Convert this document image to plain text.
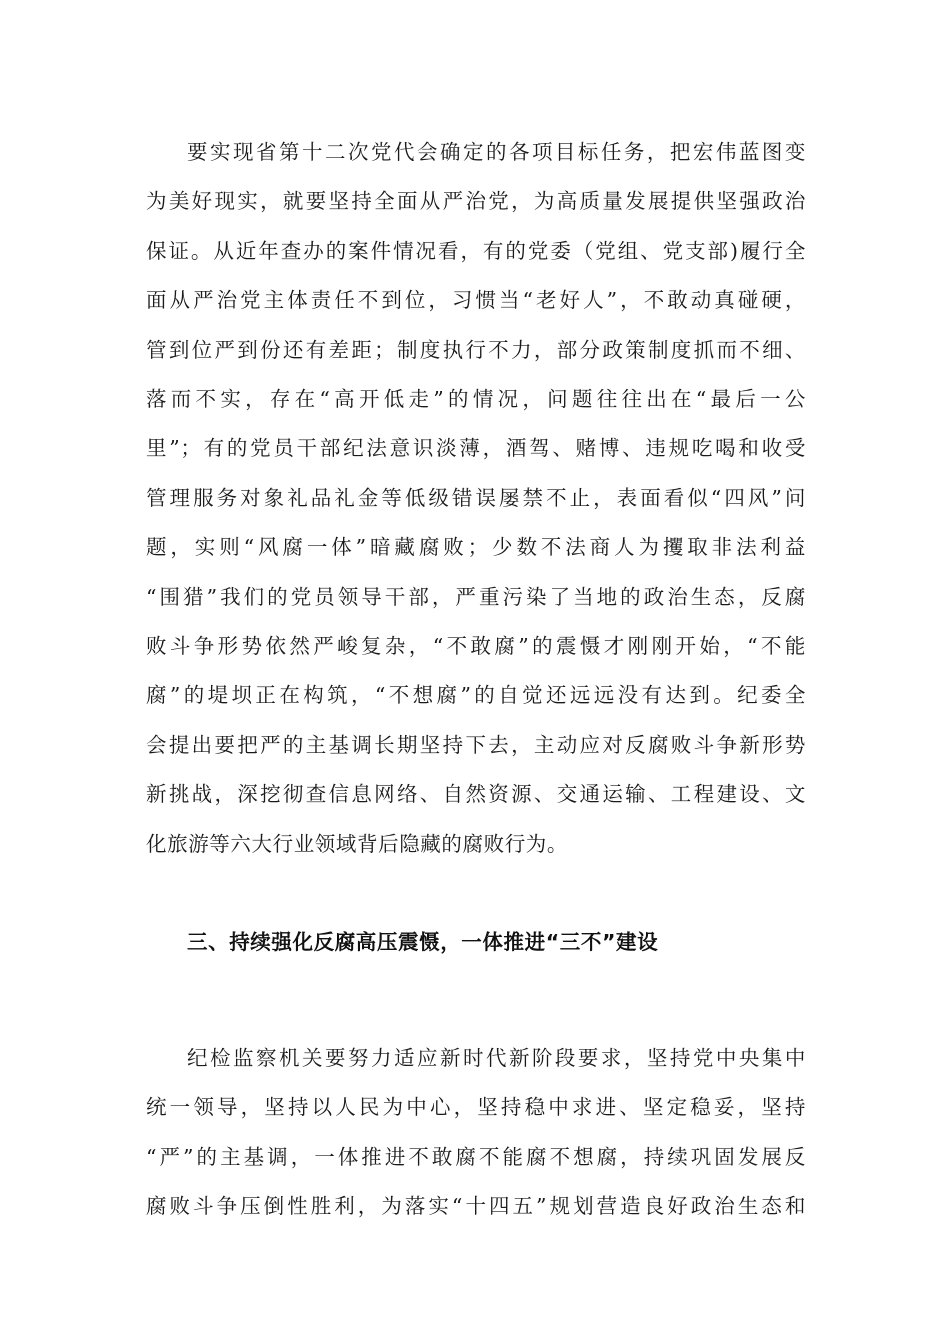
要实现省第十二次党代会确定的各项目标任务，把宏伟蓝图变
为美好现实，就要坚持全面从严治党，为高质量发展提供坚强政治
保证。从近年查办的案件情况看，有的党委（党组、党支部)履行全
面从严治党主体责任不到位，习惯当“老好人”，不敢动真碰硬，
管到位严到份还有差距；制度执行不力，部分政策制度抓而不细、
落而不实，存在“高开低走”的情况，问题往往出在“最后一公
里”；有的党员干部纪法意识淡薄，酒驾、赌博、违规吃喝和收受
管理服务对象礼品礼金等低级错误屡禁不止，表面看似“四风”问
题，实则“风腐一体”暗藏腐败；少数不法商人为攫取非法利益
“围猎”我们的党员领导干部，严重污染了当地的政治生态，反腐
败斗争形势依然严峻复杂，“不敢腐”的震慑才刚刚开始，“不能
腐”的堤坝正在构筑，“不想腐”的自觉还远远没有达到。纪委全
会提出要把严的主基调长期坚持下去，主动应对反腐败斗争新形势
新挑战，深挖彻查信息网络、自然资源、交通运输、工程建设、文
化旅游等六大行业领域背后隐藏的腐败行为。

三、持续强化反腐高压震慑，一体推进“三不”建设

纪检监察机关要努力适应新时代新阶段要求，坚持党中央集中
统一领导，坚持以人民为中心，坚持稳中求进、坚定稳妥，坚持
“严”的主基调，一体推进不敢腐不能腐不想腐，持续巩固发展反
腐败斗争压倒性胜利，为落实“十四五”规划营造良好政治生态和
